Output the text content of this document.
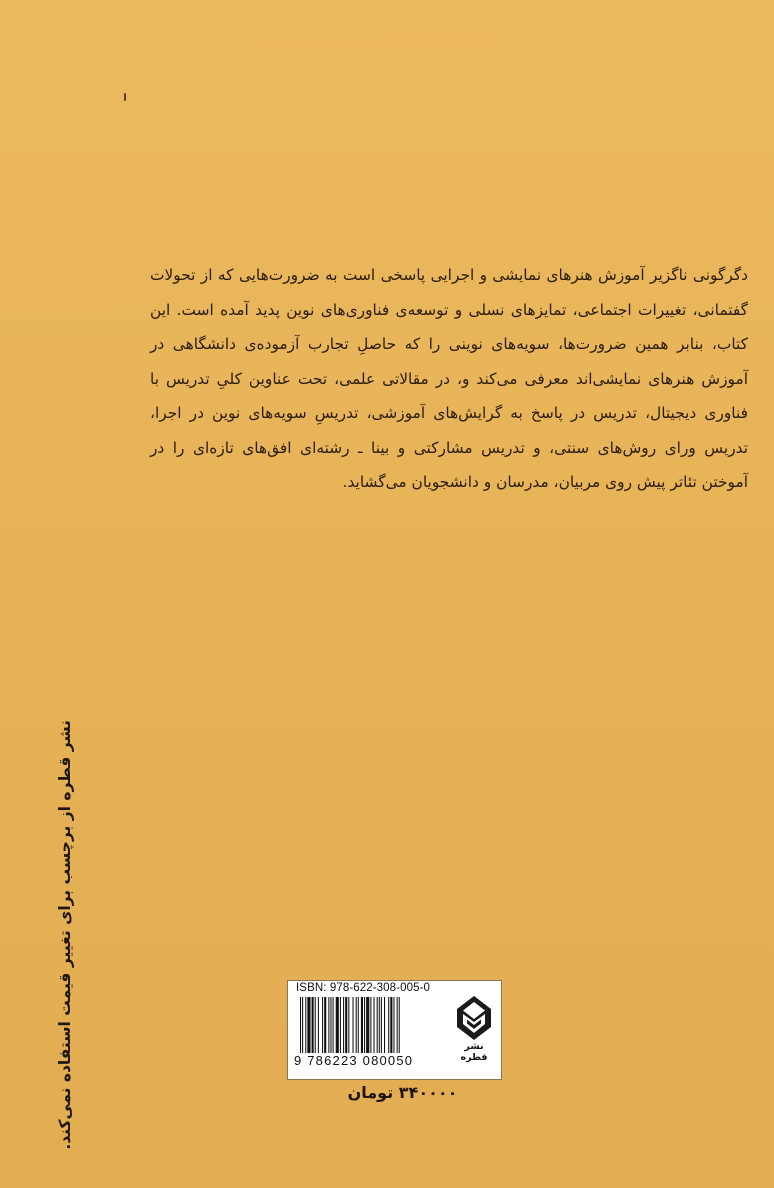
دگرگونی ناگزیر آموزش هنرهای نمایشی و اجرایی پاسخی است به ضرورت‌هایی که از تحولات گفتمانی، تغییرات اجتماعی، تمایزهای نسلی و توسعه‌ی فناوری‌های نوین پدید آمده است. این کتاب، بنابر همین ضرورت‌ها، سویه‌های نوینی را که حاصلِ تجارب آزموده‌ی دانشگاهی در آموزش هنرهای نمایشی‌اند معرفی می‌کند و، در مقالاتی علمی، تحت عناوین کلیِ تدریس با فناوری دیجیتال، تدریس در پاسخ به گرایش‌های آموزشی، تدریسِ سویه‌های نوین در اجرا، تدریس ورای روش‌های سنتی، و تدریس مشارکتی و بینا ـ رشته‌ای افق‌های تازه‌ای را در آموختن تئاتر پیش روی مربیان، مدرسان و دانشجویان می‌گشاید.

نشر قطره از برچسب برای تغییر قیمت استفاده نمی‌کند.	ISBN: 978-622-308-005-0
9 786223 080050
نشر قطره
۳۴۰۰۰۰ تومان
